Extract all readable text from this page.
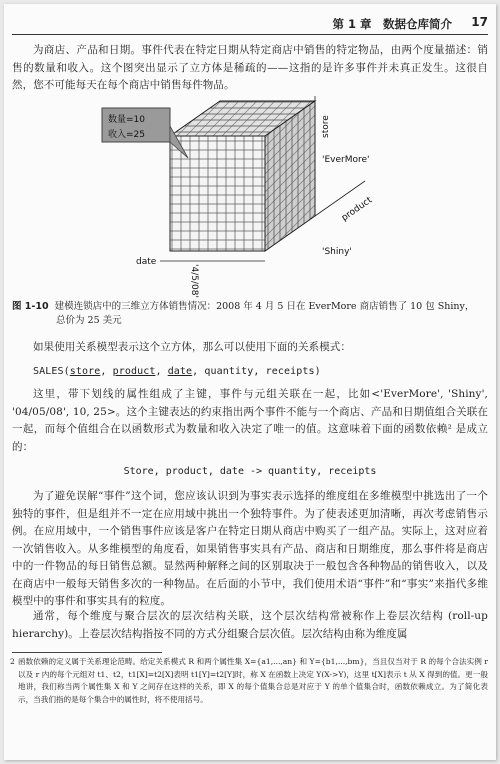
第 1 章　数据仓库简介 17
为商店、产品和日期。事件代表在特定日期从特定商店中销售的特定物品，由两个度量描述：销售的数量和收入。这个图突出显示了立方体是稀疏的——这指的是许多事件并未真正发生。这很自然，您不可能每天在每个商店中销售每件物品。
数量=10
收入=25	store
'EverMore'
product
'Shiny'
date
'4/5/08'
图 1-10 建模连锁店中的三维立方体销售情况：2008 年 4 月 5 日在 EverMore 商店销售了 10 包 Shiny，
总价为 25 美元
如果使用关系模型表示这个立方体，那么可以使用下面的关系模式：
SALES(store, product, date, quantity, receipts)
这里，带下划线的属性组成了主键，事件与元组关联在一起，比如<'EverMore', 'Shiny', '04/05/08', 10, 25>。这个主键表达的约束指出两个事件不能与一个商店、产品和日期值组合关联在一起，而每个值组合在以函数形式为数量和收入决定了唯一的值。这意味着下面的函数依赖² 是成立的：
Store, product, date -> quantity, receipts
为了避免误解“事件”这个词，您应该认识到为事实表示选择的维度组在多维模型中挑选出了一个独特的事件，但是组并不一定在应用域中挑出一个独特事件。为了使表述更加清晰，再次考虑销售示例。在应用域中，一个销售事件应该是客户在特定日期从商店中购买了一组产品。实际上，这对应着一次销售收入。从多维模型的角度看，如果销售事实具有产品、商店和日期维度，那么事件将是商店中的一件物品的每日销售总额。显然两种解释之间的区别取决于一般包含各种物品的销售收入，以及在商店中一般每天销售多次的一种物品。在后面的小节中，我们使用术语“事件”和“事实”来指代多维模型中的事件和事实具有的粒度。
通常，每个维度与聚合层次的层次结构关联，这个层次结构常被称作上卷层次结构 (roll-up hierarchy)。上卷层次结构指按不同的方式分组聚合层次值。层次结构由称为维度属
2 函数依赖的定义属于关系理论范畴。给定关系模式 R 和两个属性集 X={a1,...,an} 和 Y={b1,...,bm}，当且仅当对于 R 的每个合法实例 r 以及 r 内的每个元组对 t1、t2，t1[X]=t2[X]表明 t1[Y]=t2[Y]时，称 X 在函数上决定 Y(X->Y)，这里 t[X]表示 t 从 X 得到的值。更一般地讲，我们称当两个属性集 X 和 Y 之间存在这样的关系，即 X 的每个值集合总是对应于 Y 的单个值集合时，函数依赖成立。为了简化表示，当我们指的是每个集合中的属性时，将不使用括号。
